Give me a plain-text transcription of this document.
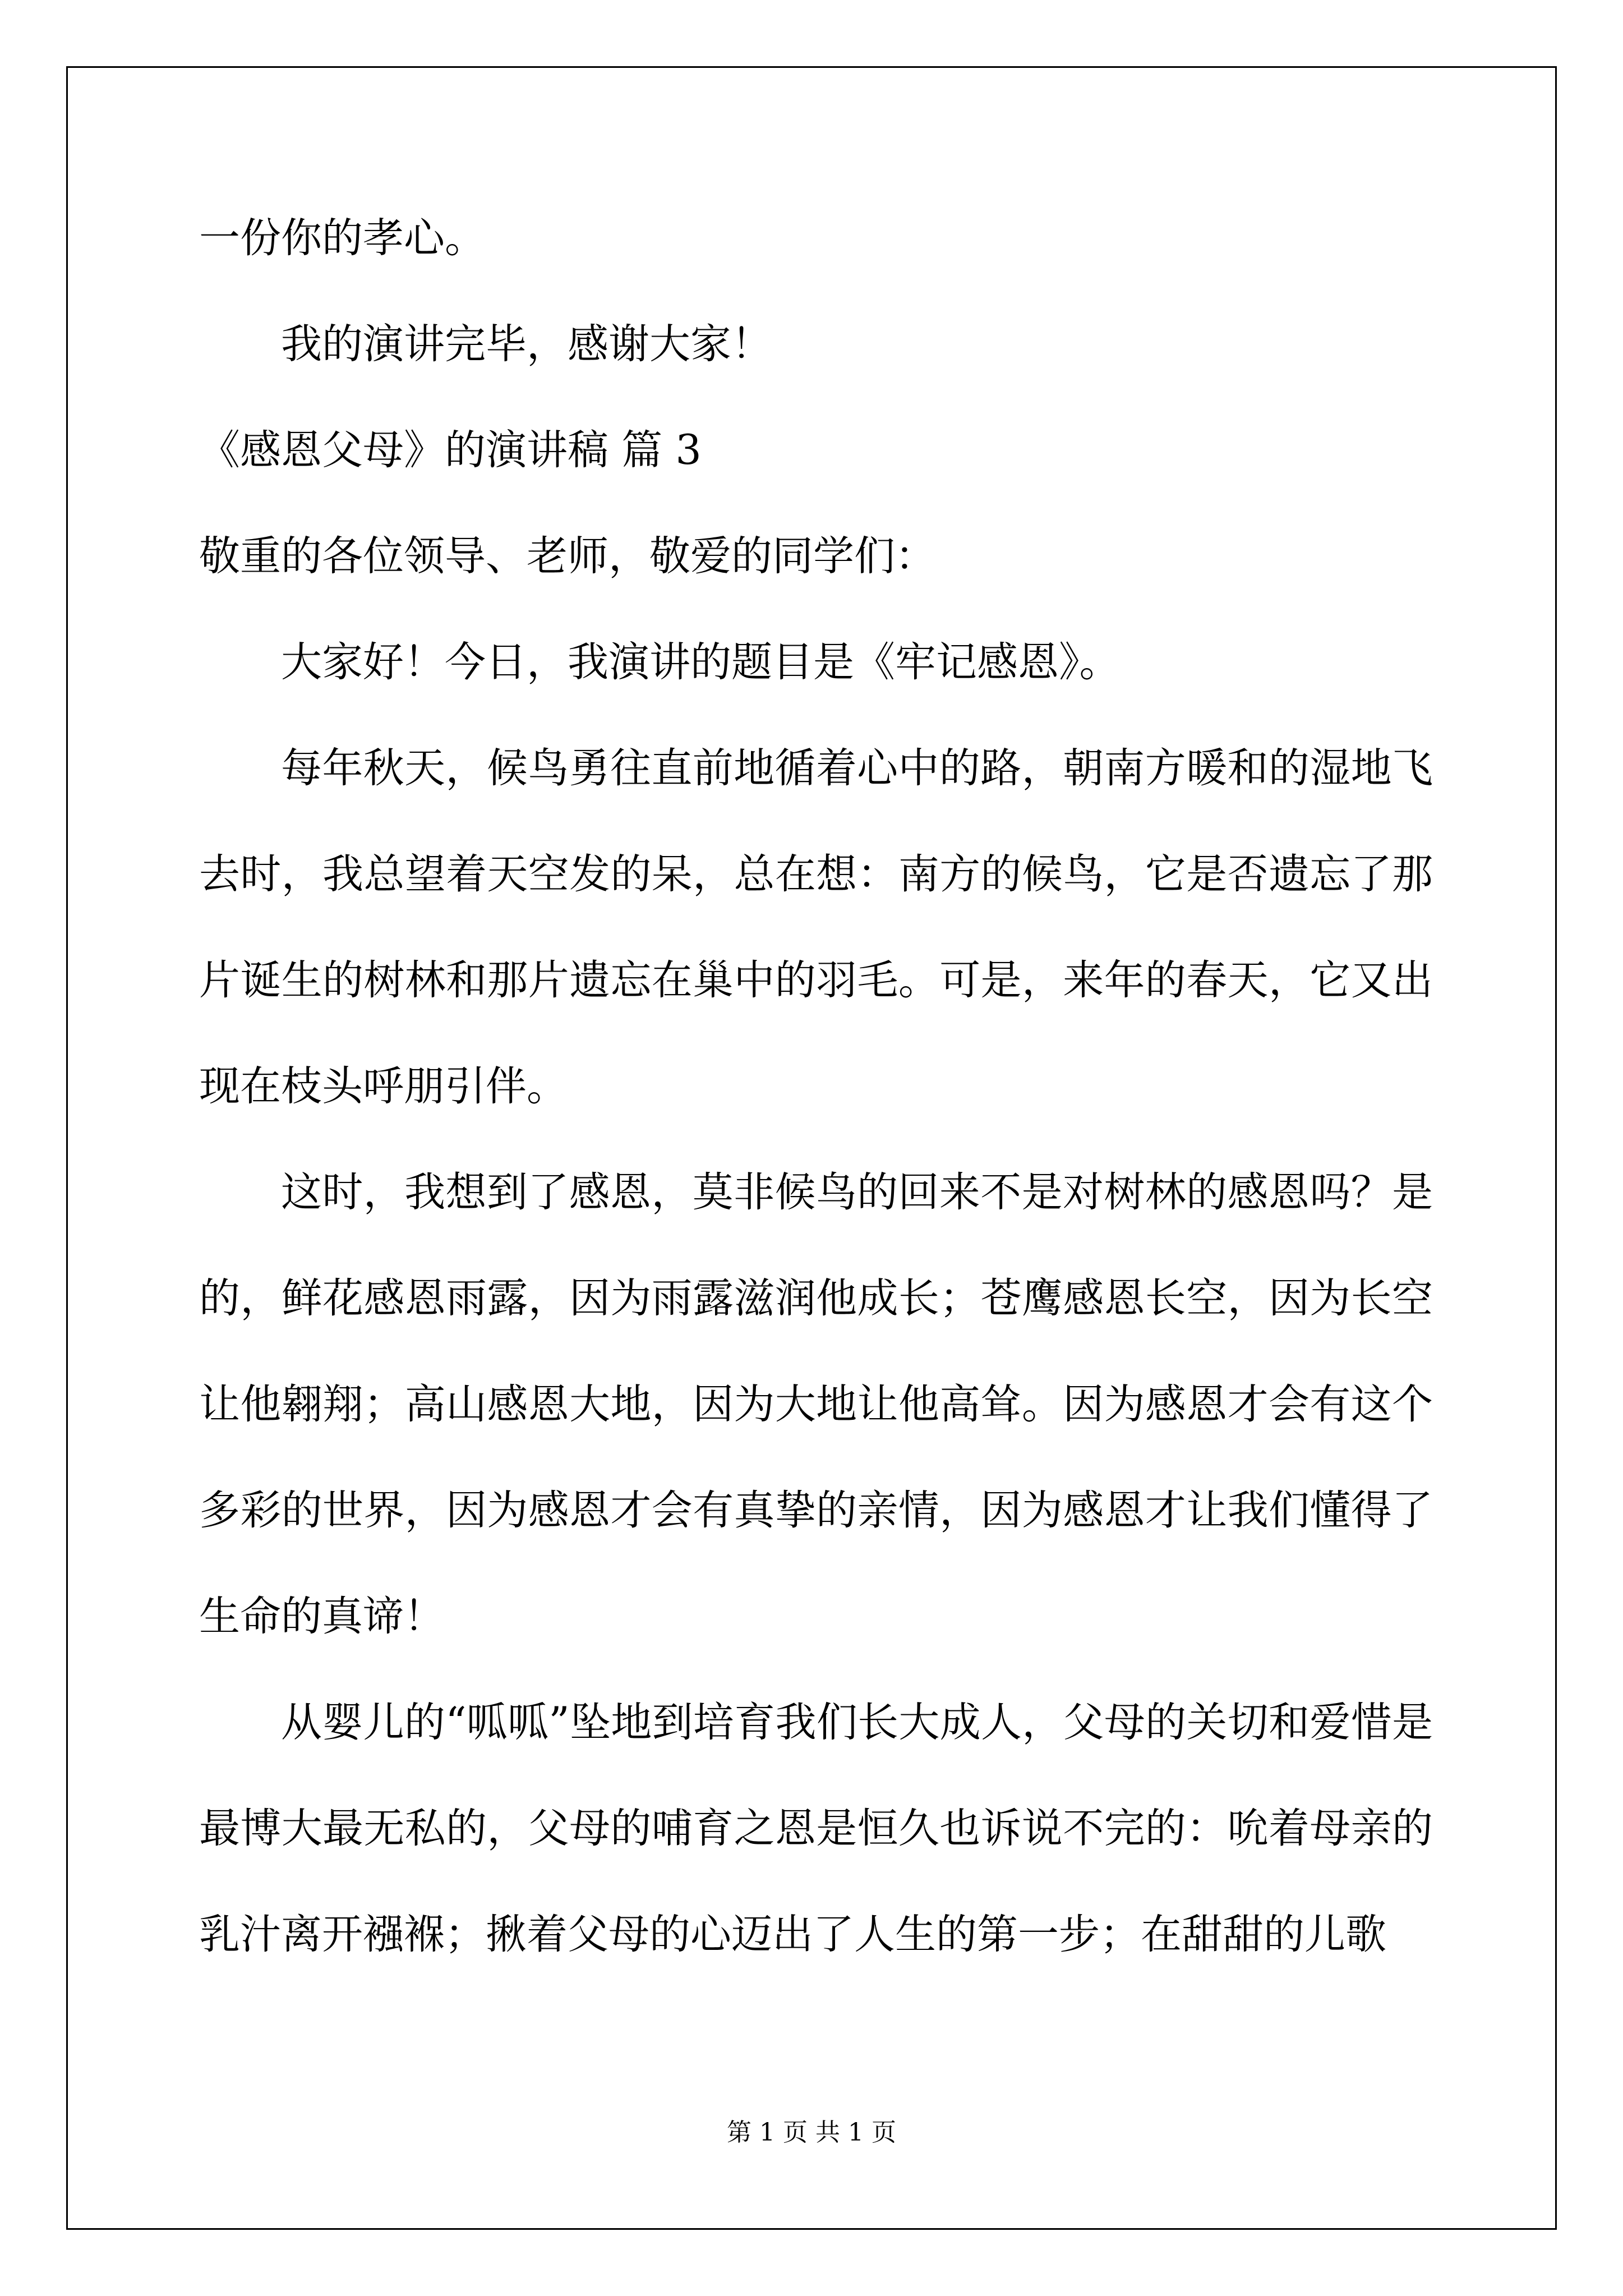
一份你的孝心。

我的演讲完毕，感谢大家！

《感恩父母》的演讲稿 篇 3

敬重的各位领导、老师，敬爱的同学们：

大家好！今日，我演讲的题目是《牢记感恩》。

每年秋天，候鸟勇往直前地循着心中的路，朝南方暖和的湿地飞去时，我总望着天空发的呆，总在想：南方的候鸟，它是否遗忘了那片诞生的树林和那片遗忘在巢中的羽毛。可是，来年的春天，它又出现在枝头呼朋引伴。

这时，我想到了感恩，莫非候鸟的回来不是对树林的感恩吗？是的，鲜花感恩雨露，因为雨露滋润他成长；苍鹰感恩长空，因为长空让他翱翔；高山感恩大地，因为大地让他高耸。因为感恩才会有这个多彩的世界，因为感恩才会有真挚的亲情，因为感恩才让我们懂得了生命的真谛！

从婴儿的“呱呱”坠地到培育我们长大成人，父母的关切和爱惜是最博大最无私的，父母的哺育之恩是恒久也诉说不完的：吮着母亲的乳汁离开襁褓；揪着父母的心迈出了人生的第一步；在甜甜的儿歌

第 1 页 共 1 页
